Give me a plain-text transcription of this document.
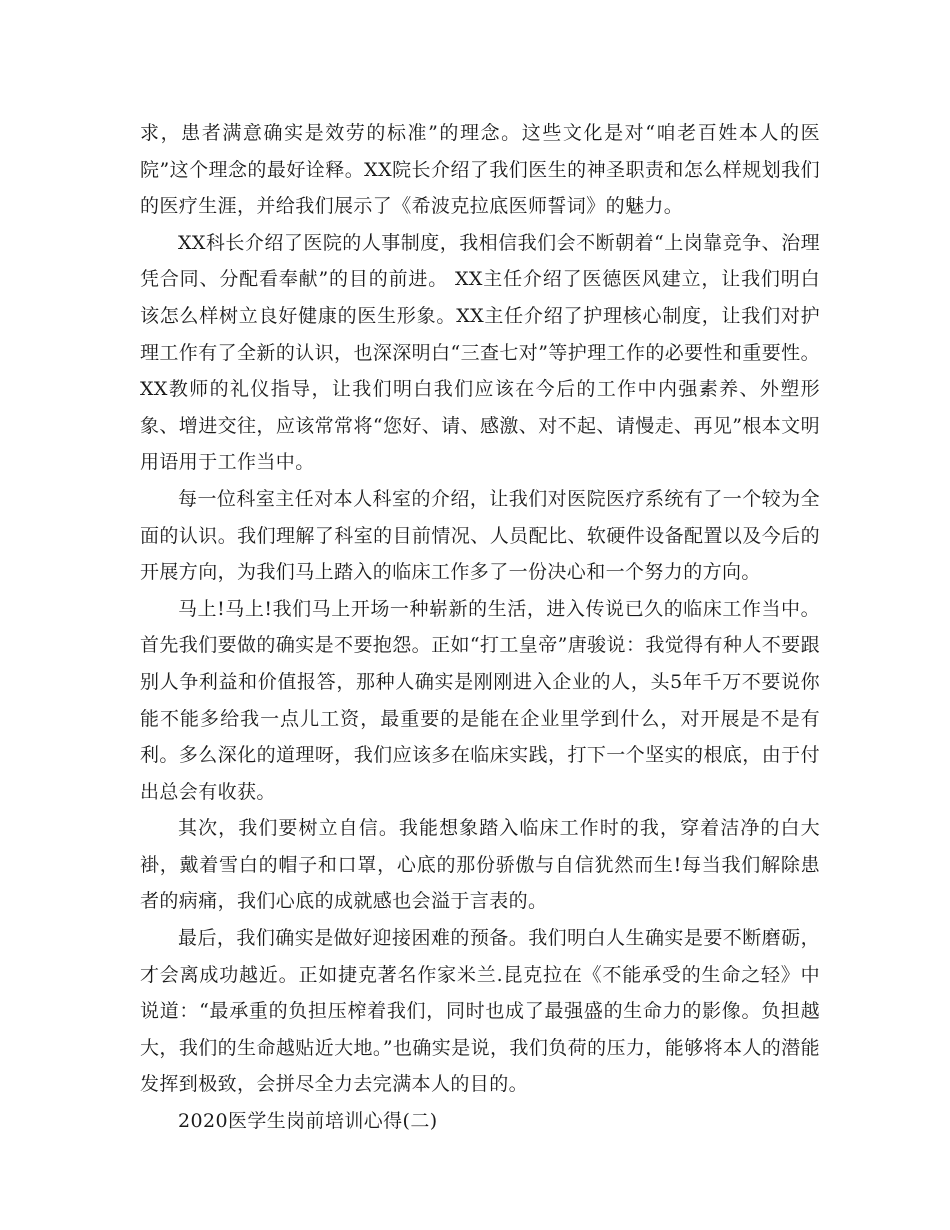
求，患者满意确实是效劳的标准”的理念。这些文化是对“咱老百姓本人的医院”这个理念的最好诠释。XX院长介绍了我们医生的神圣职责和怎么样规划我们的医疗生涯，并给我们展示了《希波克拉底医师誓词》的魅力。

XX科长介绍了医院的人事制度，我相信我们会不断朝着“上岗靠竞争、治理凭合同、分配看奉献”的目的前进。 XX主任介绍了医德医风建立，让我们明白该怎么样树立良好健康的医生形象。XX主任介绍了护理核心制度，让我们对护理工作有了全新的认识，也深深明白“三查七对”等护理工作的必要性和重要性。XX教师的礼仪指导，让我们明白我们应该在今后的工作中内强素养、外塑形象、增进交往，应该常常将“您好、请、感激、对不起、请慢走、再见”根本文明用语用于工作当中。

每一位科室主任对本人科室的介绍，让我们对医院医疗系统有了一个较为全面的认识。我们理解了科室的目前情况、人员配比、软硬件设备配置以及今后的开展方向，为我们马上踏入的临床工作多了一份决心和一个努力的方向。

马上!马上!我们马上开场一种崭新的生活，进入传说已久的临床工作当中。首先我们要做的确实是不要抱怨。正如“打工皇帝”唐骏说：我觉得有种人不要跟别人争利益和价值报答，那种人确实是刚刚进入企业的人，头5年千万不要说你能不能多给我一点儿工资，最重要的是能在企业里学到什么，对开展是不是有利。多么深化的道理呀，我们应该多在临床实践，打下一个坚实的根底，由于付出总会有收获。

其次，我们要树立自信。我能想象踏入临床工作时的我，穿着洁净的白大褂，戴着雪白的帽子和口罩，心底的那份骄傲与自信犹然而生!每当我们解除患者的病痛，我们心底的成就感也会溢于言表的。

最后，我们确实是做好迎接困难的预备。我们明白人生确实是要不断磨砺，才会离成功越近。正如捷克著名作家米兰.昆克拉在《不能承受的生命之轻》中说道：“最承重的负担压榨着我们，同时也成了最强盛的生命力的影像。负担越大，我们的生命越贴近大地。”也确实是说，我们负荷的压力，能够将本人的潜能发挥到极致，会拼尽全力去完满本人的目的。

2020医学生岗前培训心得(二)
